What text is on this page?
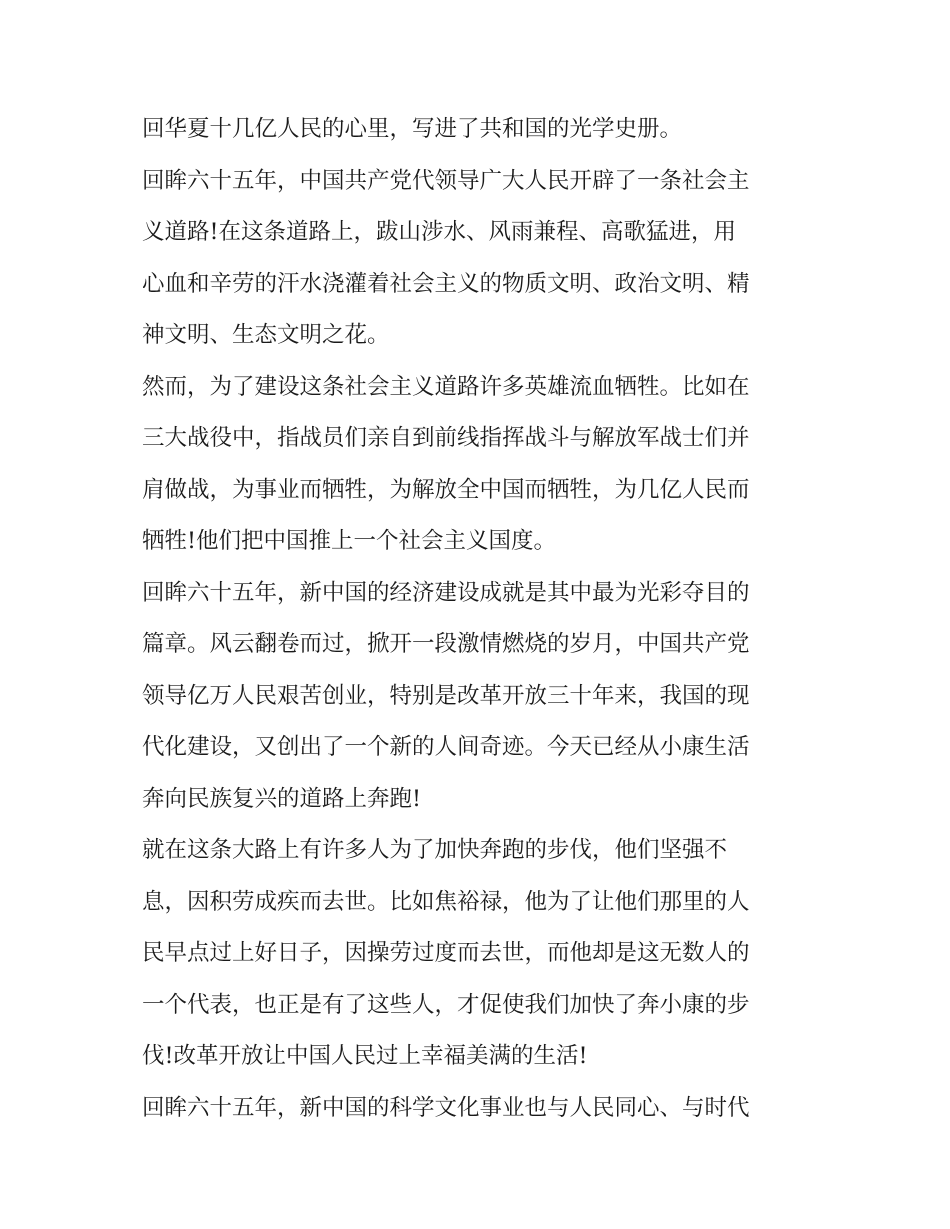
回华夏十几亿人民的心里，写进了共和国的光学史册。
回眸六十五年，中国共产党代领导广大人民开辟了一条社会主
义道路!在这条道路上，跋山涉水、风雨兼程、高歌猛进，用
心血和辛劳的汗水浇灌着社会主义的物质文明、政治文明、精
神文明、生态文明之花。
然而，为了建设这条社会主义道路许多英雄流血牺牲。比如在
三大战役中，指战员们亲自到前线指挥战斗与解放军战士们并
肩做战，为事业而牺牲，为解放全中国而牺牲，为几亿人民而
牺牲!他们把中国推上一个社会主义国度。
回眸六十五年，新中国的经济建设成就是其中最为光彩夺目的
篇章。风云翻卷而过，掀开一段激情燃烧的岁月，中国共产党
领导亿万人民艰苦创业，特别是改革开放三十年来，我国的现
代化建设，又创出了一个新的人间奇迹。今天已经从小康生活
奔向民族复兴的道路上奔跑!
就在这条大路上有许多人为了加快奔跑的步伐，他们坚强不
息，因积劳成疾而去世。比如焦裕禄，他为了让他们那里的人
民早点过上好日子，因操劳过度而去世，而他却是这无数人的
一个代表，也正是有了这些人，才促使我们加快了奔小康的步
伐!改革开放让中国人民过上幸福美满的生活!
回眸六十五年，新中国的科学文化事业也与人民同心、与时代
